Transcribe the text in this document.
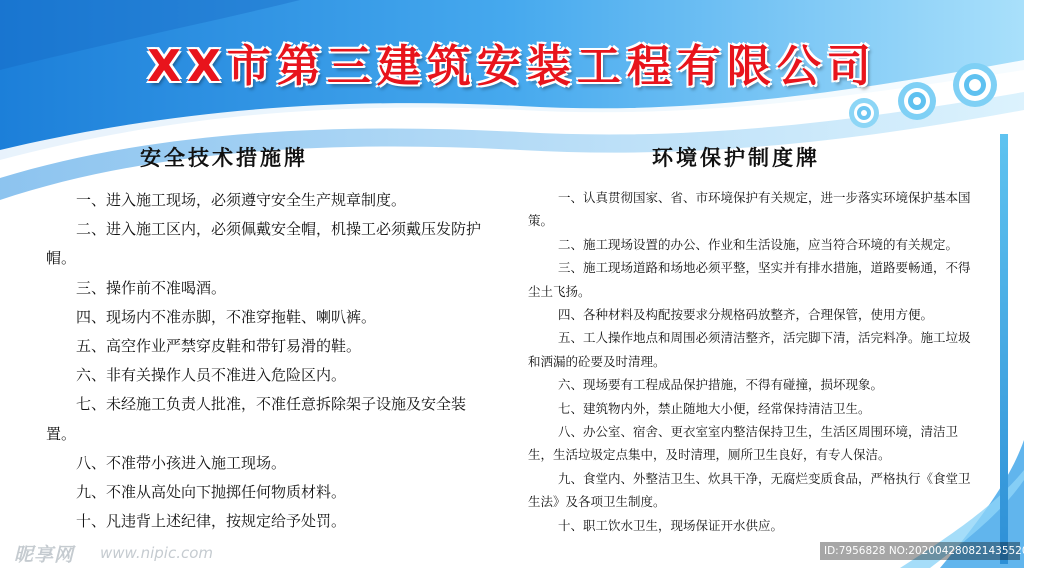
XX市第三建筑安装工程有限公司
安全技术措施牌	环境保护制度牌
一、进入施工现场，必须遵守安全生产规章制度。
二、进入施工区内，必须佩戴安全帽，机操工必须戴压发防护帽。
三、操作前不准喝酒。
四、现场内不准赤脚，不准穿拖鞋、喇叭裤。
五、高空作业严禁穿皮鞋和带钉易滑的鞋。
六、非有关操作人员不准进入危险区内。
七、未经施工负责人批准，不准任意拆除架子设施及安全装置。
八、不准带小孩进入施工现场。
九、不准从高处向下抛掷任何物质材料。
十、凡违背上述纪律，按规定给予处罚。
一、认真贯彻国家、省、市环境保护有关规定，进一步落实环境保护基本国策。
二、施工现场设置的办公、作业和生活设施，应当符合环境的有关规定。
三、施工现场道路和场地必须平整，坚实并有排水措施，道路要畅通，不得尘土飞扬。
四、各种材料及构配按要求分规格码放整齐，合理保管，使用方便。
五、工人操作地点和周围必须清洁整齐，活完脚下清，活完料净。施工垃圾和洒漏的砼要及时清理。
六、现场要有工程成品保护措施，不得有碰撞，损坏现象。
七、建筑物内外，禁止随地大小便，经常保持清洁卫生。
八、办公室、宿舍、更衣室室内整洁保持卫生，生活区周围环境，清洁卫生，生活垃圾定点集中，及时清理，厕所卫生良好，有专人保洁。
九、食堂内、外整洁卫生、炊具干净，无腐烂变质食品，严格执行《食堂卫生法》及各项卫生制度。
十、职工饮水卫生，现场保证开水供应。
昵享网 www.nipic.com	ID:7956828 NO:20200428082143552000
